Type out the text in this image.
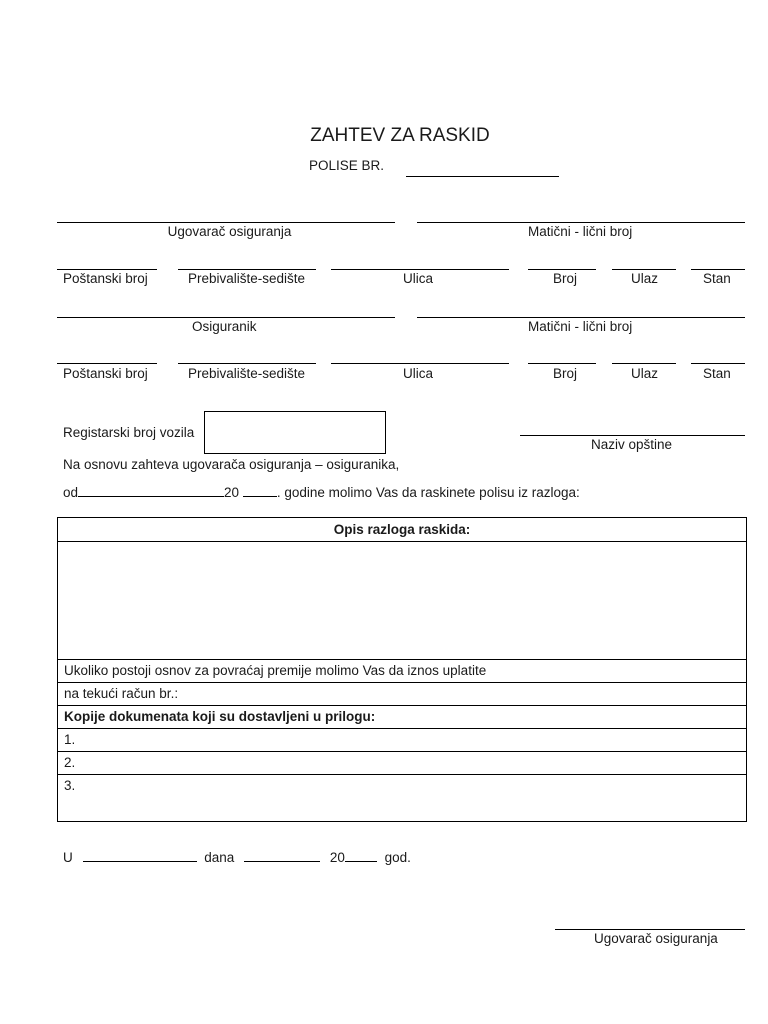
ZAHTEV ZA RASKID
POLISE BR.
Ugovarač osiguranja	Matični - lični broj
Poštanski broj	Prebivalište-sedište	Ulica	Broj	Ulaz	Stan
Osiguranik	Matični - lični broj
Poštanski broj	Prebivalište-sedište	Ulica	Broj	Ulaz	Stan
Registarski broj vozila
Naziv opštine
Na osnovu zahteva ugovarača osiguranja – osiguranika,
od	20	. godine molimo Vas da raskinete polisu iz razloga:
Opis razloga raskida:
Ukoliko postoji osnov za povraćaj premije molimo Vas da iznos uplatite
na tekući račun br.:
Kopije dokumenata koji su dostavljeni u prilogu:
1.
2.
3.
U	dana	20	god.
Ugovarač osiguranja
